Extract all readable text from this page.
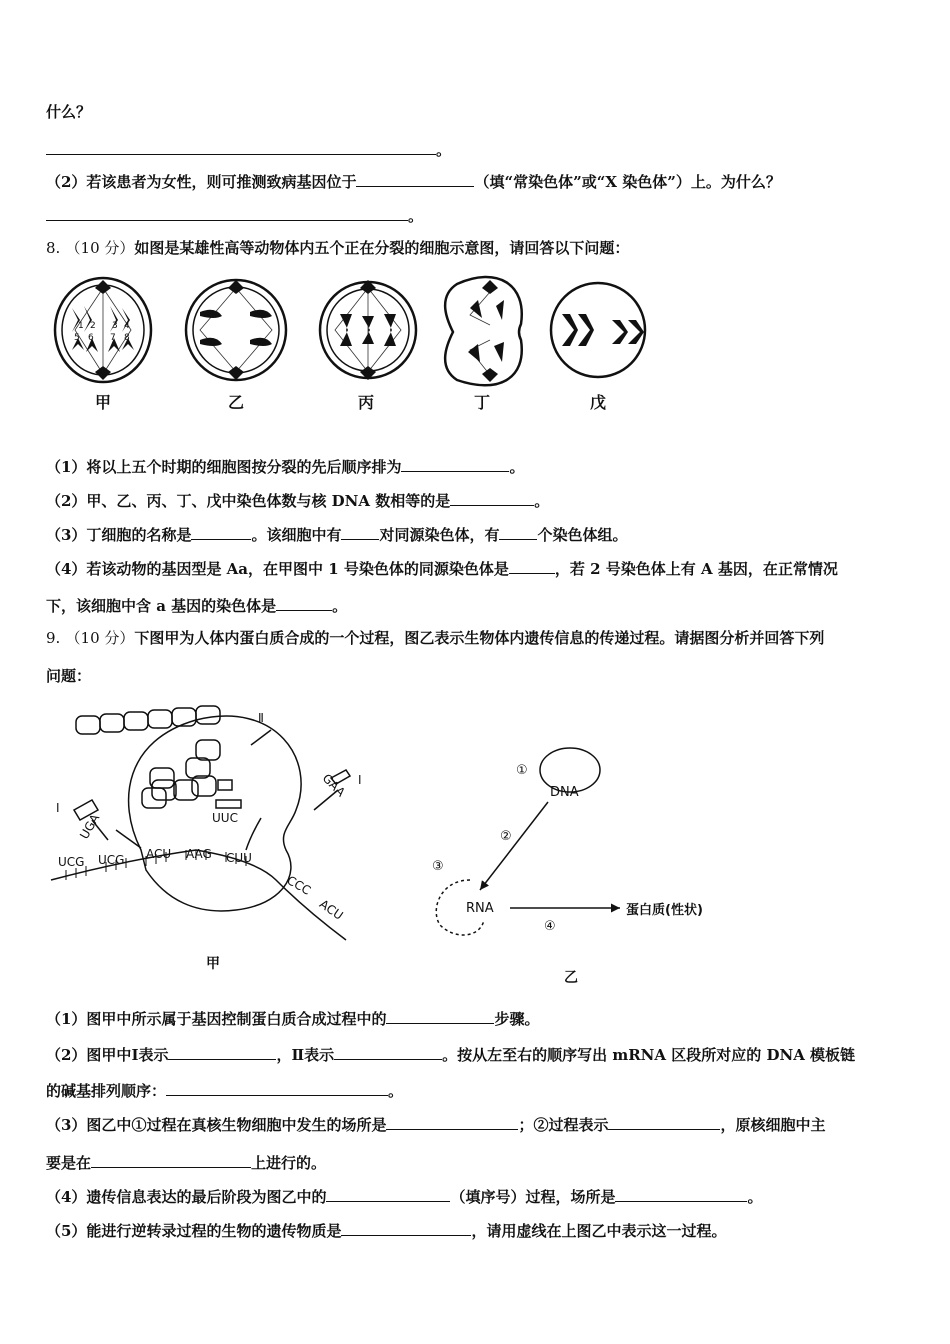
什么？
。
（2）若该患者为女性，则可推测致病基因位于	（填“常染色体”或“X 染色体”）上。为什么？
。
8. （10 分）如图是某雄性高等动物体内五个正在分裂的细胞示意图，请回答以下问题：
1 2 3 4
5 6 7 8
甲	乙	丙	丁	戊
（1）将以上五个时期的细胞图按分裂的先后顺序排为	。
（2）甲、乙、丙、丁、戊中染色体数与核 DNA 数相等的是	。
（3）丁细胞的名称是	。该细胞中有	对同源染色体，有	个染色体组。
（4）若该动物的基因型是 Aa，在甲图中 1 号染色体的同源染色体是	，若 2 号染色体上有 A 基因，在正常情况
下，该细胞中含 a 基因的染色体是	。
9. （10 分）下图甲为人体内蛋白质合成的一个过程，图乙表示生物体内遗传信息的传递过程。请据图分析并回答下列
问题：
Ⅱ
I
I
UGA	UUC
GAA
UCG UCG ACU AAG CUU
CCC
ACU
甲
①
DNA
②
③
RNA
④
蛋白质(性状)
乙
（1）图甲中所示属于基因控制蛋白质合成过程中的	步骤。
（2）图甲中Ⅰ表示	，Ⅱ表示	。按从左至右的顺序写出 mRNA 区段所对应的 DNA 模板链
的碱基排列顺序：	。
（3）图乙中①过程在真核生物细胞中发生的场所是	；②过程表示	，原核细胞中主
要是在	上进行的。
（4）遗传信息表达的最后阶段为图乙中的	（填序号）过程，场所是	。
（5）能进行逆转录过程的生物的遗传物质是	，请用虚线在上图乙中表示这一过程。
